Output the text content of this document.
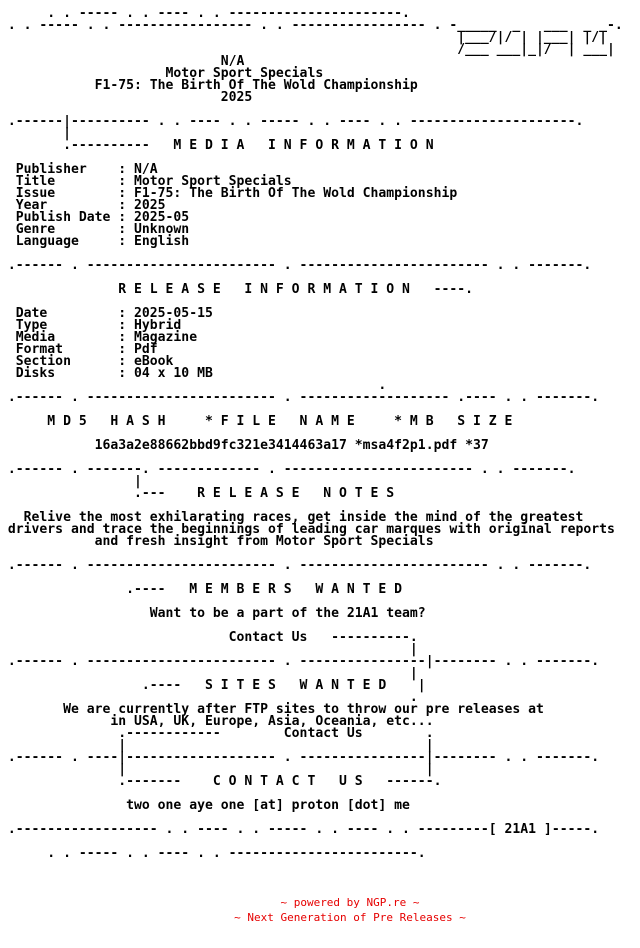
. . ----- . . ---- . . ----------------------.
. . ----- . . ----------------- . . ----------------- . -_____  _   ___  _ _-.
|___/|/ | |___| |/|
/___ ___|_|/  | ___|
N/A
Motor Sport Specials
F1-75: The Birth Of The Wold Championship
2025

.------|---------- . . ---- . . ----- . . ---- . . ---------------------.
|
.----------   M E D I A   I N F O R M A T I O N

Publisher    : N/A
Title        : Motor Sport Specials
Issue        : F1-75: The Birth Of The Wold Championship
Year         : 2025
Publish Date : 2025-05
Genre        : Unknown
Language     : English

.------ . ------------------------ . ------------------------ . . -------.

R E L E A S E   I N F O R M A T I O N   ----.

Date         : 2025-05-15
Type         : Hybrid
Media        : Magazine
Format       : Pdf
Section      : eBook
Disks        : 04 x 10 MB
.
.------ . ------------------------ . ------------------- .---- . . -------.

M D 5   H A S H     * F I L E   N A M E     * M B   S I Z E

16a3a2e88662bbd9fc321e3414463a17 *msa4f2p1.pdf *37

.------ . -------. ------------- . ------------------------ . . -------.
|
.---    R E L E A S E   N O T E S

Relive the most exhilarating races, get inside the mind of the greatest
drivers and trace the beginnings of leading car marques with original reports
and fresh insight from Motor Sport Specials

.------ . ------------------------ . ------------------------ . . -------.

.----   M E M B E R S   W A N T E D

Want to be a part of the 21A1 team?

Contact Us   ----------.
|
.------ . ------------------------ . ----------------|-------- . . -------.
|
.----   S I T E S   W A N T E D    |
.
We are currently after FTP sites to throw our pre releases at
in USA, UK, Europe, Asia, Oceania, etc...
.------------        Contact Us        .
|                                      |
.------ . ----|------------------- . ----------------|-------- . . -------.
|                                      |
.-------    C O N T A C T   U S   ------.

two one aye one [at] proton [dot] me

.------------------ . . ---- . . ----- . . ---- . . ---------[ 21A1 ]-----.

. . ----- . . ---- . . ------------------------.

~ powered by NGP.re ~
~ Next Generation of Pre Releases ~
